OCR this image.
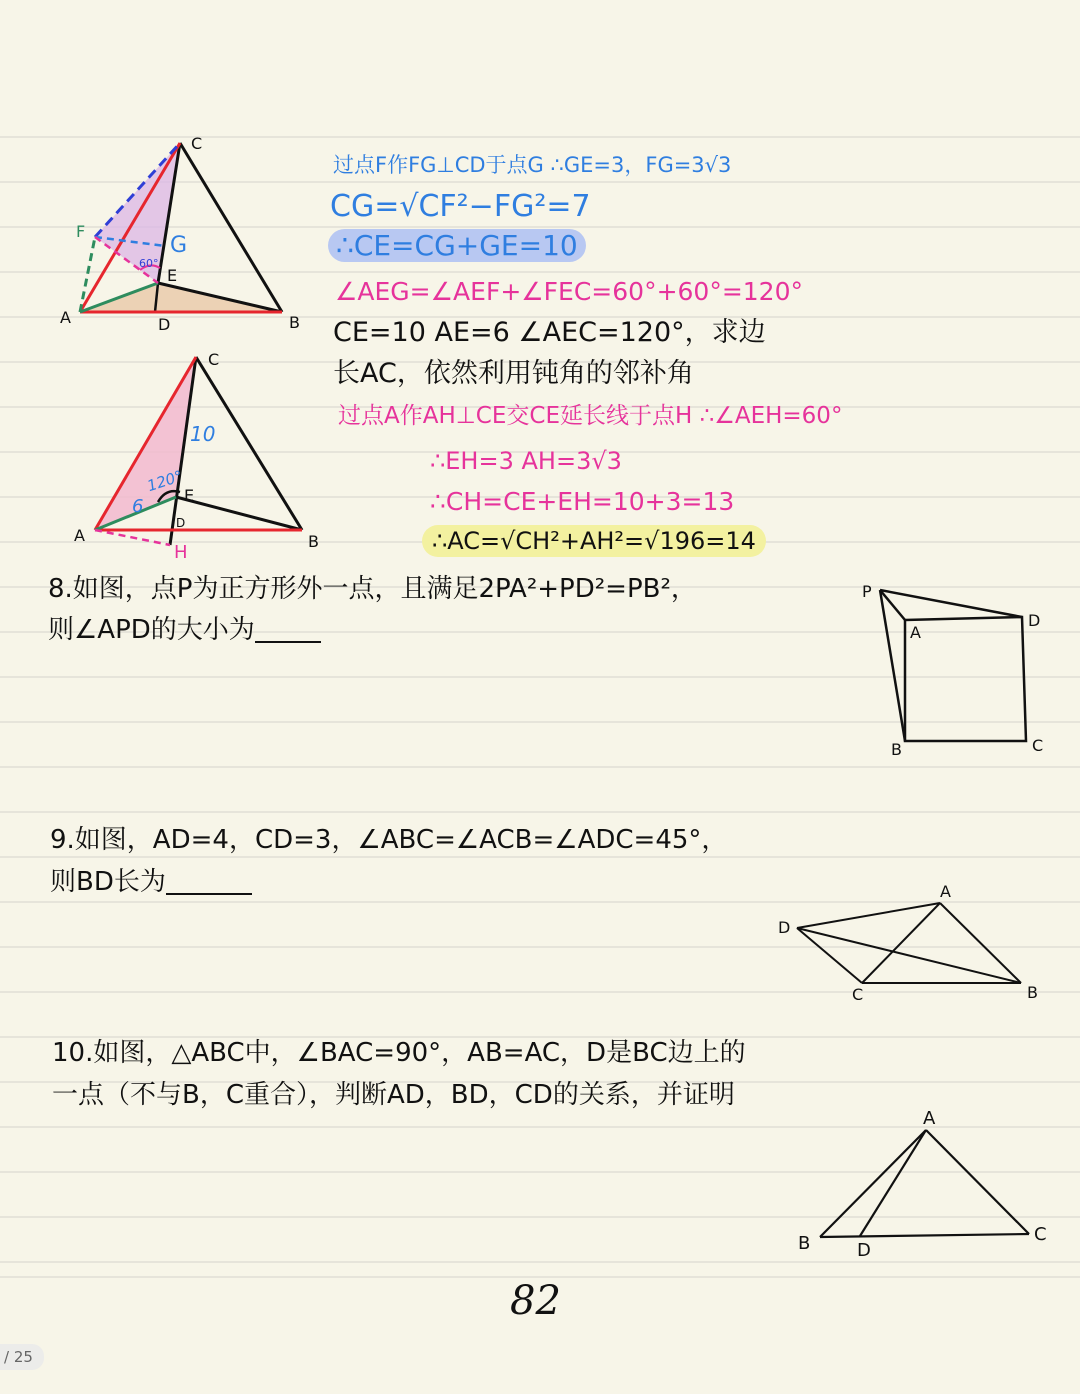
C
F
G
E
A	D	B
60°
C
10
120°
E
6
D
A
H
B
过点F作FG⊥CD于点G ∴GE=3，FG=3√3
CG=√CF²−FG²=7
∴CE=CG+GE=10
∠AEG=∠AEF+∠FEC=60°+60°=120°
CE=10 AE=6 ∠AEC=120°，求边
长AC，依然利用钝角的邻补角
过点A作AH⊥CE交CE延长线于点H ∴∠AEH=60°
∴EH=3 AH=3√3
∴CH=CE+EH=10+3=13
∴AC=√CH²+AH²=√196=14
8.如图，点P为正方形外一点，且满足2PA²+PD²=PB²，
则∠APD的大小为
P
A
D
B	C
9.如图，AD=4，CD=3，∠ABC=∠ACB=∠ADC=45°，
则BD长为
D
A
C	B
10.如图，△ABC中，∠BAC=90°，AB=AC，D是BC边上的
一点（不与B，C重合），判断AD，BD，CD的关系，并证明
A
B	D
C
82
/ 25
